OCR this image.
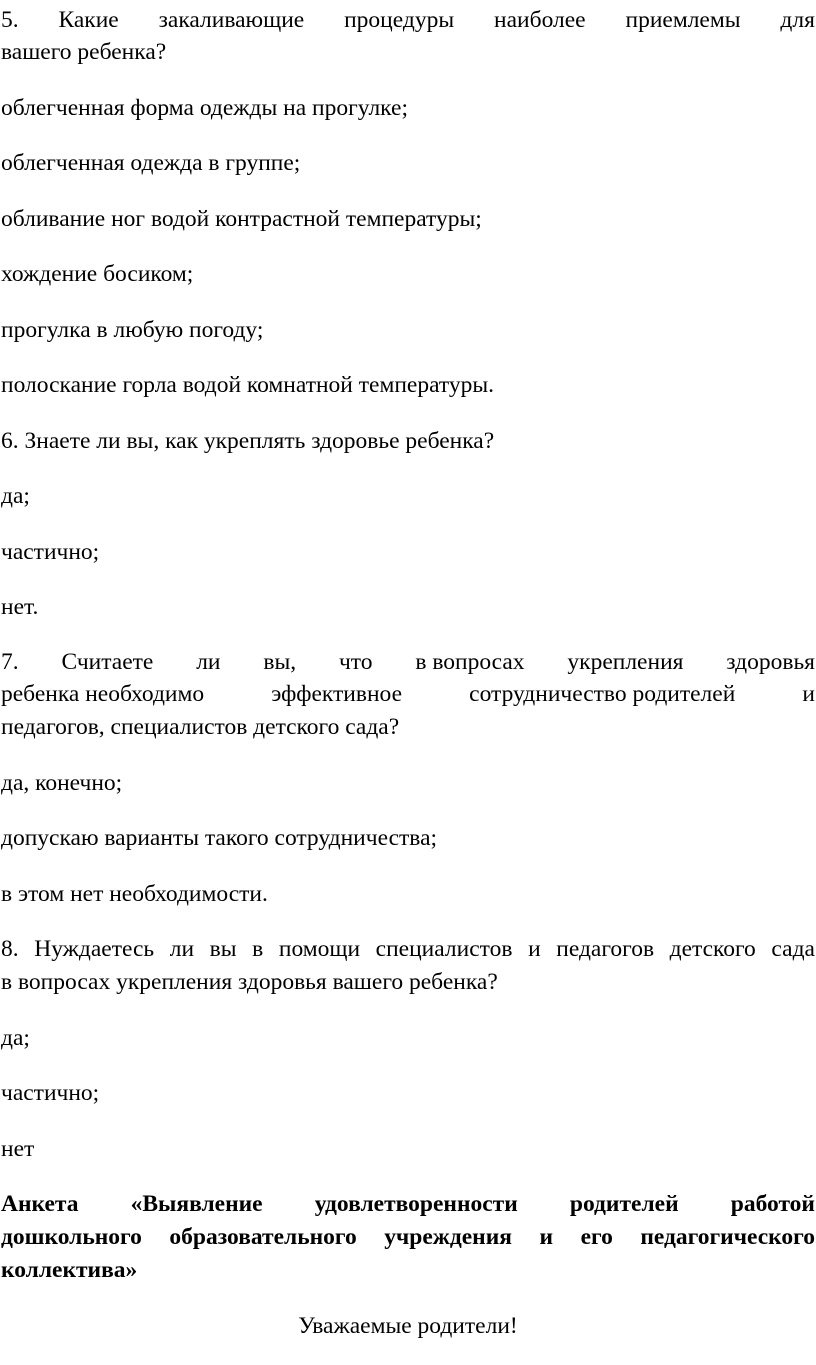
5. Какие закаливающие процедуры наиболее приемлемы для
вашего ребенка?
облегченная форма одежды на прогулке;
облегченная одежда в группе;
обливание ног водой контрастной температуры;
хождение босиком;
прогулка в любую погоду;
полоскание горла водой комнатной температуры.
6. Знаете ли вы, как укреплять здоровье ребенка?
да;
частично;
нет.
7. Считаете ли вы, что в вопросах укрепления здоровья
ребенка необходимо	эффективное	сотрудничество родителей	и
педагогов, специалистов детского сада?
да, конечно;
допускаю варианты такого сотрудничества;
в этом нет необходимости.
8. Нуждаетесь ли вы в помощи специалистов и педагогов детского сада
в вопросах укрепления здоровья вашего ребенка?
да;
частично;
нет
Анкета «Выявление удовлетворенности родителей работой
дошкольного образовательного учреждения и его педагогического
коллектива»
Уважаемые родители!
